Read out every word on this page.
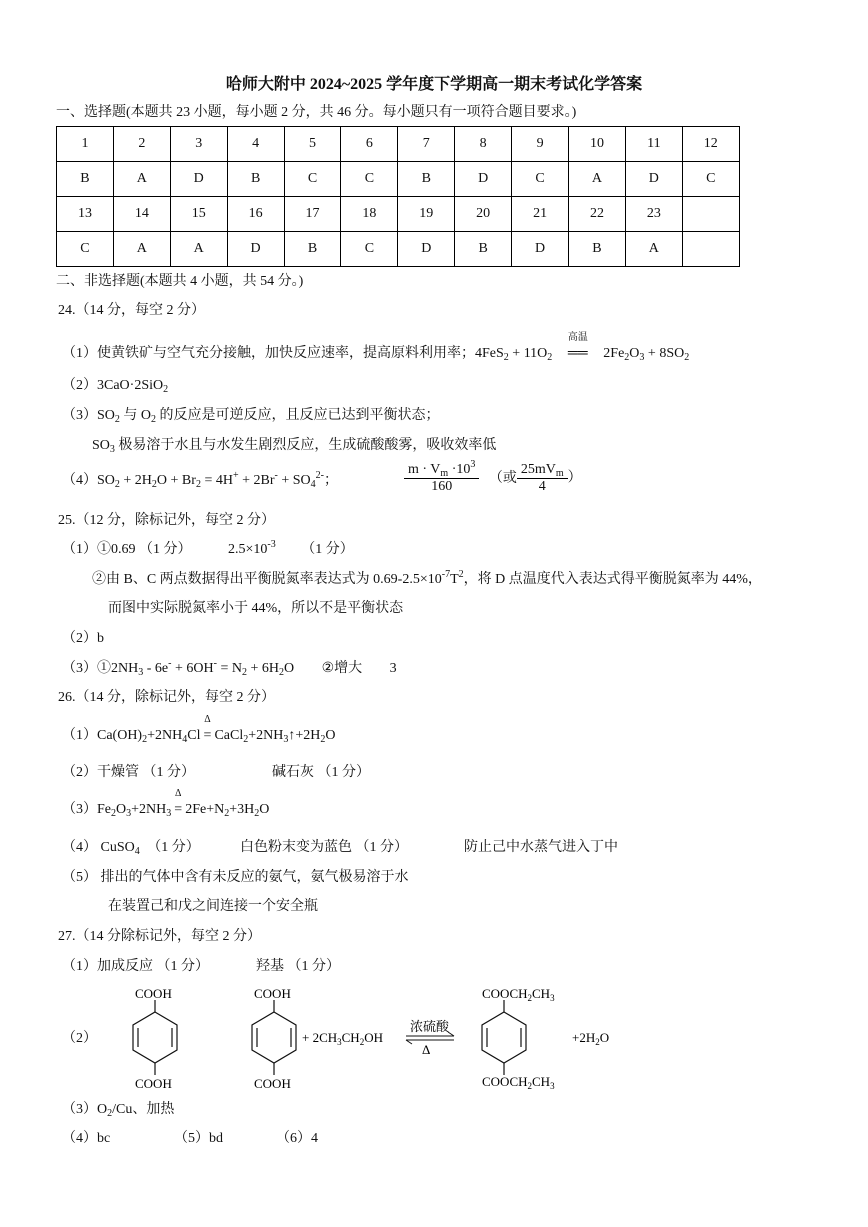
哈师大附中 2024~2025 学年度下学期高一期末考试化学答案
一、选择题(本题共 23 小题，每小题 2 分，共 46 分。每小题只有一项符合题目要求。)
1	2	3	4	5	6	7	8	9	10	11	12
B	A	D	B	C	C	B	D	C	A	D	C
13	14	15	16	17	18	19	20	21	22	23	
C	A	A	D	B	C	D	B	D	B	A	
二、非选择题(本题共 4 小题，共 54 分。)
24.（14 分，每空 2 分）
（1）使黄铁矿与空气充分接触，加快反应速率，提高原料利用率；$4FeS_2 + 11O_2$
高温
══ $2Fe_2O_3 + 8SO_2$
（2）3CaO·2SiO$_2$
$(3)SO_2$ 与 $O_2$ 的反应是可逆反应，且反应已达到平衡状态；
$SO_3$ 极易溶于水且与水发生剧烈反应，生成硫酸酸雾，吸收效率低
$(4)SO_2 + 2H_2O + Br_2 = 4H^+ + 2Br^- + SO_4^{2-}$；	$\frac{m \cdot V_m \cdot 10^3}{160}$ （或 $\frac{25mV_m}{4}$ ）
25.（12 分，除标记外，每空 2 分）
（1）①0.69 （1 分）	$2.5\times 10^{-3}$ （1 分）
②由 B、C 两点数据得出平衡脱氮率表达式为 $0.69-2.5\times 10^{-7}T^2$，将 D 点温度代入表达式得平衡脱氮率为 44%，
而图中实际脱氮率小于 44%，所以不是平衡状态
（2）b
$(3)①2NH_3 - 6e^- + 6OH^- = N_2 + 6H_2O$ ②增大 3
26.（14 分，除标记外，每空 2 分）
$(1)Ca(OH)_2+2NH_4Cl$
Δ
= $CaCl_2+2NH_3↑+2H_2O$
（2）干燥管 （1 分）	碱石灰 （1 分）
$(3)Fe_2O_3+2NH_3$
Δ
= $2Fe+N_2+3H_2O$
（4） CuSO$_4$ （1 分）	白色粉末变为蓝色 （1 分）	防止己中水蒸气进入丁中
（5） 排出的气体中含有未反应的氨气，氨气极易溶于水
在装置己和戊之间连接一个安全瓶
27.（14 分除标记外，每空 2 分）
（1）加成反应 （1 分）	羟基 （1 分）
（2）
COOH
COOH
COOH
COOH
+ $2CH_3CH_2OH$
浓硫酸
Δ
$COOCH_2CH_3$
$COOCH_2CH_3$
$+2H_2O$
$(3)O_2/Cu$、加热
（4）bc	（5）bd	（6）4
